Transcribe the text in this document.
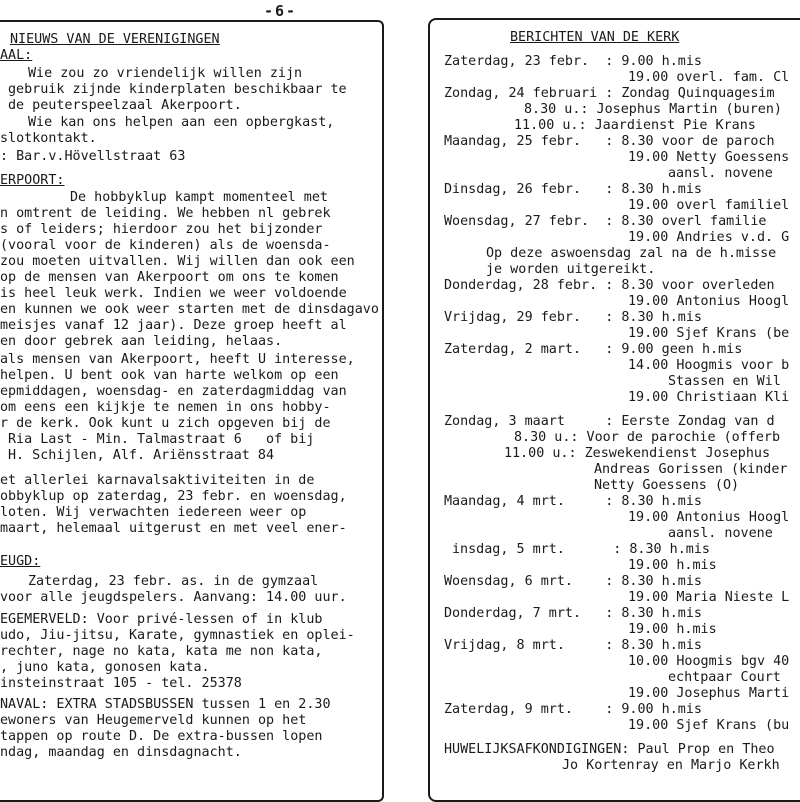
-6-
NIEUWS VAN DE VERENIGINGEN
AAL:
Wie zou zo vriendelijk willen zijn
gebruik zijnde kinderplaten beschikbaar te
de peuterspeelzaal Akerpoort.
Wie kan ons helpen aan een opbergkast,
slotkontakt.
: Bar.v.Hövellstraat 63
ERPOORT:
De hobbyklup kampt momenteel met
n omtrent de leiding. We hebben nl gebrek
s of leiders; hierdoor zou het bijzonder
(vooral voor de kinderen) als de woensda-
zou moeten uitvallen. Wij willen dan ook een
op de mensen van Akerpoort om ons te komen
is heel leuk werk. Indien we weer voldoende
en kunnen we ook weer starten met de dinsdagavo
meisjes vanaf 12 jaar). Deze groep heeft al
en door gebrek aan leiding, helaas.
als mensen van Akerpoort, heeft U interesse,
helpen. U bent ook van harte welkom op een
epmiddagen, woensdag- en zaterdagmiddag van
om eens een kijkje te nemen in ons hobby-
r de kerk. Ook kunt u zich opgeven bij de
Ria Last - Min. Talmastraat 6   of bij
H. Schijlen, Alf. Ariënsstraat 84
et allerlei karnavalsaktiviteiten in de
obbyklup op zaterdag, 23 febr. en woensdag,
loten. Wij verwachten iedereen weer op
maart, helemaal uitgerust en met veel ener-
EUGD:
Zaterdag, 23 febr. as. in de gymzaal
voor alle jeugdspelers. Aanvang: 14.00 uur.
EGEMERVELD: Voor privé-lessen of in klub
udo, Jiu-jitsu, Karate, gymnastiek en oplei-
rechter, nage no kata, kata me non kata,
, juno kata, gonosen kata.
insteinstraat 105 - tel. 25378
NAVAL: EXTRA STADSBUSSEN tussen 1 en 2.30
ewoners van Heugemerveld kunnen op het
tappen op route D. De extra-bussen lopen
ndag, maandag en dinsdagnacht.
BERICHTEN VAN DE KERK
Zaterdag, 23 febr.  : 9.00 h.mis
19.00 overl. fam. Cl
Zondag, 24 februari : Zondag Quinquagesim
8.30 u.: Josephus Martin (buren)
11.00 u.: Jaardienst Pie Krans
Maandag, 25 febr.   : 8.30 voor de paroch
19.00 Netty Goessens
aansl. novene
Dinsdag, 26 febr.   : 8.30 h.mis
19.00 overl familiel
Woensdag, 27 febr.  : 8.30 overl familie
19.00 Andries v.d. G
Op deze aswoensdag zal na de h.misse
je worden uitgereikt.
Donderdag, 28 febr. : 8.30 voor overleden
19.00 Antonius Hoogl
Vrijdag, 29 febr.   : 8.30 h.mis
19.00 Sjef Krans (be
Zaterdag, 2 mart.   : 9.00 geen h.mis
14.00 Hoogmis voor b
Stassen en Wil
19.00 Christiaan Kli
Zondag, 3 maart     : Eerste Zondag van d
8.30 u.: Voor de parochie (offerb
11.00 u.: Zeswekendienst Josephus
Andreas Gorissen (kinder
Netty Goessens (O)
Maandag, 4 mrt.     : 8.30 h.mis
19.00 Antonius Hoogl
aansl. novene
insdag, 5 mrt.      : 8.30 h.mis
19.00 h.mis
Woensdag, 6 mrt.    : 8.30 h.mis
19.00 Maria Nieste L
Donderdag, 7 mrt.   : 8.30 h.mis
19.00 h.mis
Vrijdag, 8 mrt.     : 8.30 h.mis
10.00 Hoogmis bgv 40
echtpaar Court
19.00 Josephus Marti
Zaterdag, 9 mrt.    : 9.00 h.mis
19.00 Sjef Krans (bu
HUWELIJKSAFKONDIGINGEN: Paul Prop en Theo
Jo Kortenray en Marjo Kerkh
